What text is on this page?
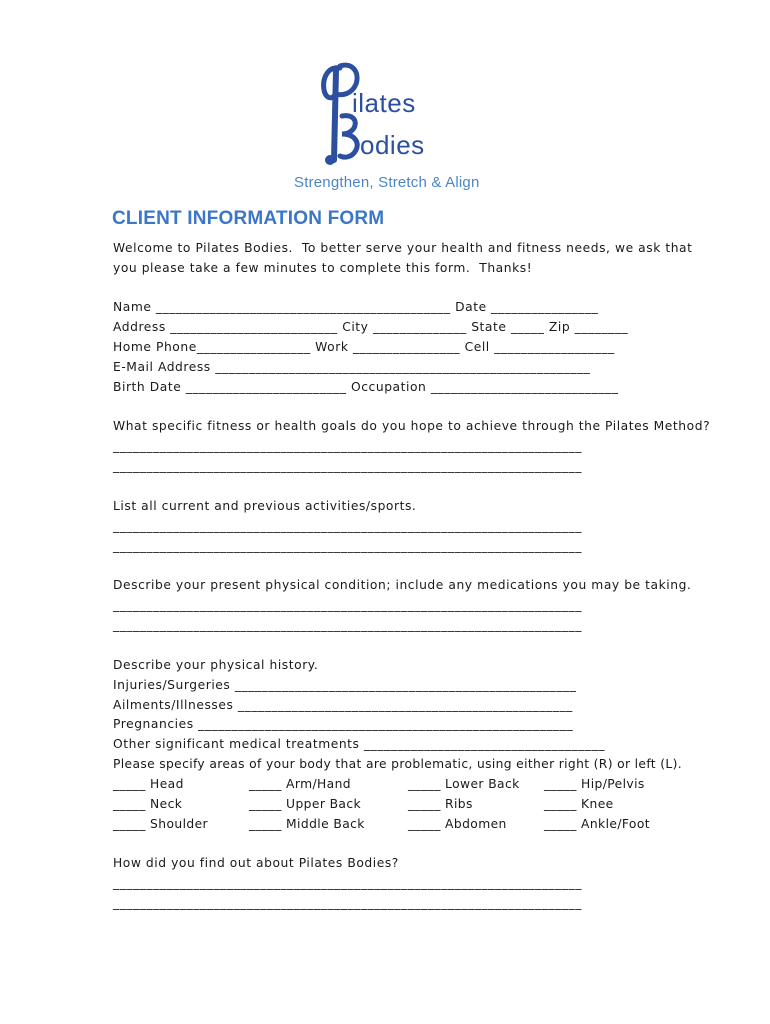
ilates
odies
Strengthen, Stretch & Align
CLIENT INFORMATION FORM
Welcome to Pilates Bodies.  To better serve your health and fitness needs, we ask that
you please take a few minutes to complete this form.  Thanks!
Name ____________________________________________ Date ________________
Address _________________________ City ______________ State _____ Zip ________
Home Phone_________________ Work ________________ Cell __________________
E-Mail Address ________________________________________________________
Birth Date ________________________ Occupation ____________________________
What specific fitness or health goals do you hope to achieve through the Pilates Method?
______________________________________________________________________
______________________________________________________________________
List all current and previous activities/sports.
______________________________________________________________________
______________________________________________________________________
Describe your present physical condition; include any medications you may be taking.
______________________________________________________________________
______________________________________________________________________
Describe your physical history.
Injuries/Surgeries ___________________________________________________
Ailments/Illnesses __________________________________________________
Pregnancies ________________________________________________________
Other significant medical treatments ____________________________________
Please specify areas of your body that are problematic, using either right (R) or left (L).
_____ Head	_____ Arm/Hand	_____ Lower Back _____ Hip/Pelvis
_____ Neck	_____ Upper Back	_____ Ribs	_____ Knee
_____ Shoulder	_____ Middle Back	_____ Abdomen	_____ Ankle/Foot
How did you find out about Pilates Bodies?
______________________________________________________________________
______________________________________________________________________
